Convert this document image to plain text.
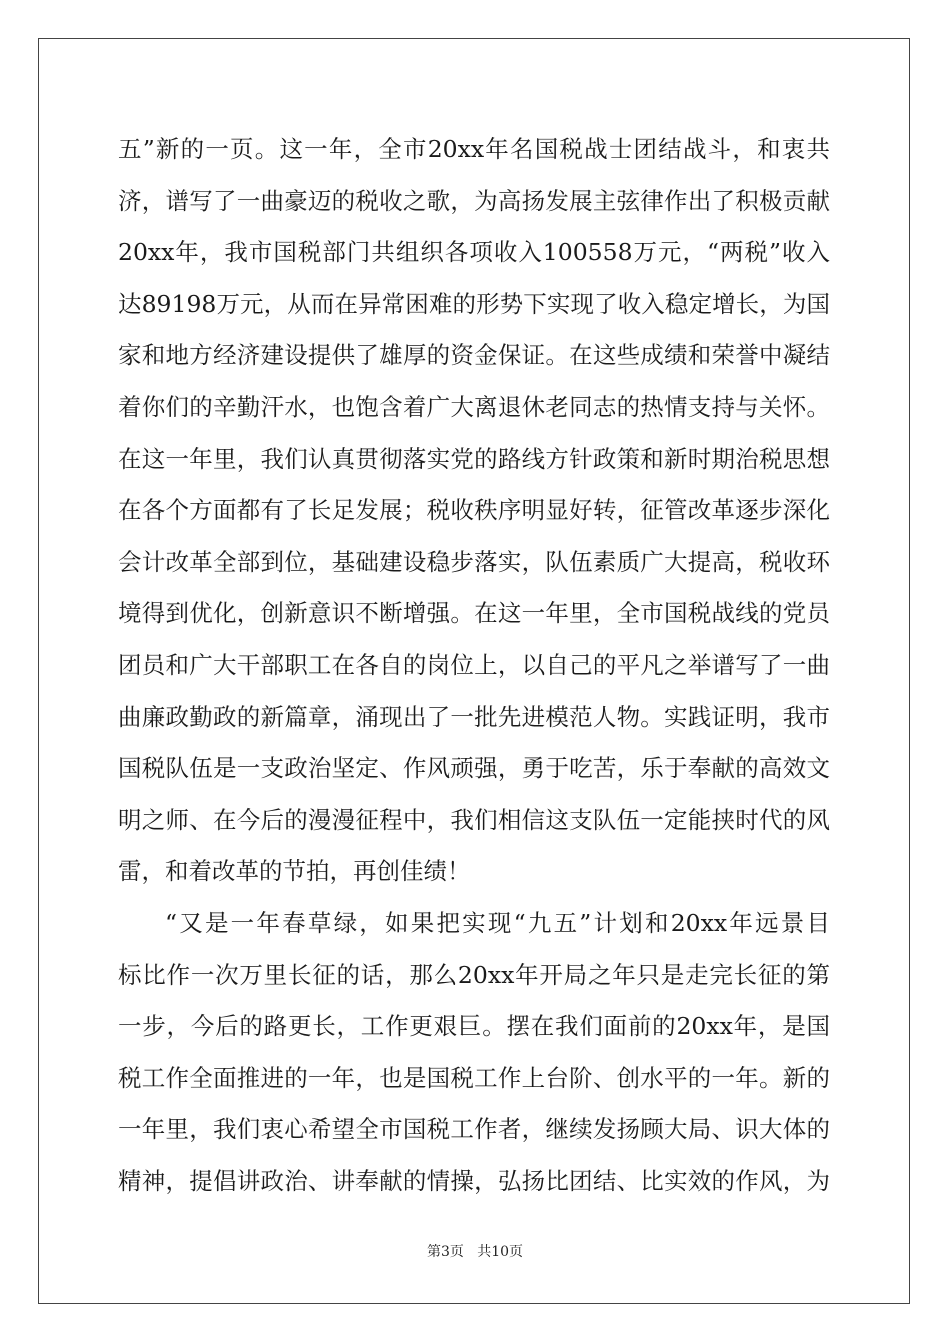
五”新的一页。这一年，全市20xx年名国税战士团结战斗，和衷共
济，谱写了一曲豪迈的税收之歌，为高扬发展主弦律作出了积极贡献
20xx年，我市国税部门共组织各项收入100558万元，“两税”收入
达89198万元，从而在异常困难的形势下实现了收入稳定增长，为国
家和地方经济建设提供了雄厚的资金保证。在这些成绩和荣誉中凝结
着你们的辛勤汗水，也饱含着广大离退休老同志的热情支持与关怀。
在这一年里，我们认真贯彻落实党的路线方针政策和新时期治税思想
在各个方面都有了长足发展；税收秩序明显好转，征管改革逐步深化
会计改革全部到位，基础建设稳步落实，队伍素质广大提高，税收环
境得到优化，创新意识不断增强。在这一年里，全市国税战线的党员
团员和广大干部职工在各自的岗位上，以自己的平凡之举谱写了一曲
曲廉政勤政的新篇章，涌现出了一批先进模范人物。实践证明，我市
国税队伍是一支政治坚定、作风顽强，勇于吃苦，乐于奉献的高效文
明之师、在今后的漫漫征程中，我们相信这支队伍一定能挟时代的风
雷，和着改革的节拍，再创佳绩！
“又是一年春草绿，如果把实现“九五”计划和20xx年远景目
标比作一次万里长征的话，那么20xx年开局之年只是走完长征的第
一步，今后的路更长，工作更艰巨。摆在我们面前的20xx年，是国
税工作全面推进的一年，也是国税工作上台阶、创水平的一年。新的
一年里，我们衷心希望全市国税工作者，继续发扬顾大局、识大体的
精神，提倡讲政治、讲奉献的情操，弘扬比团结、比实效的作风，为
第3页   共10页
